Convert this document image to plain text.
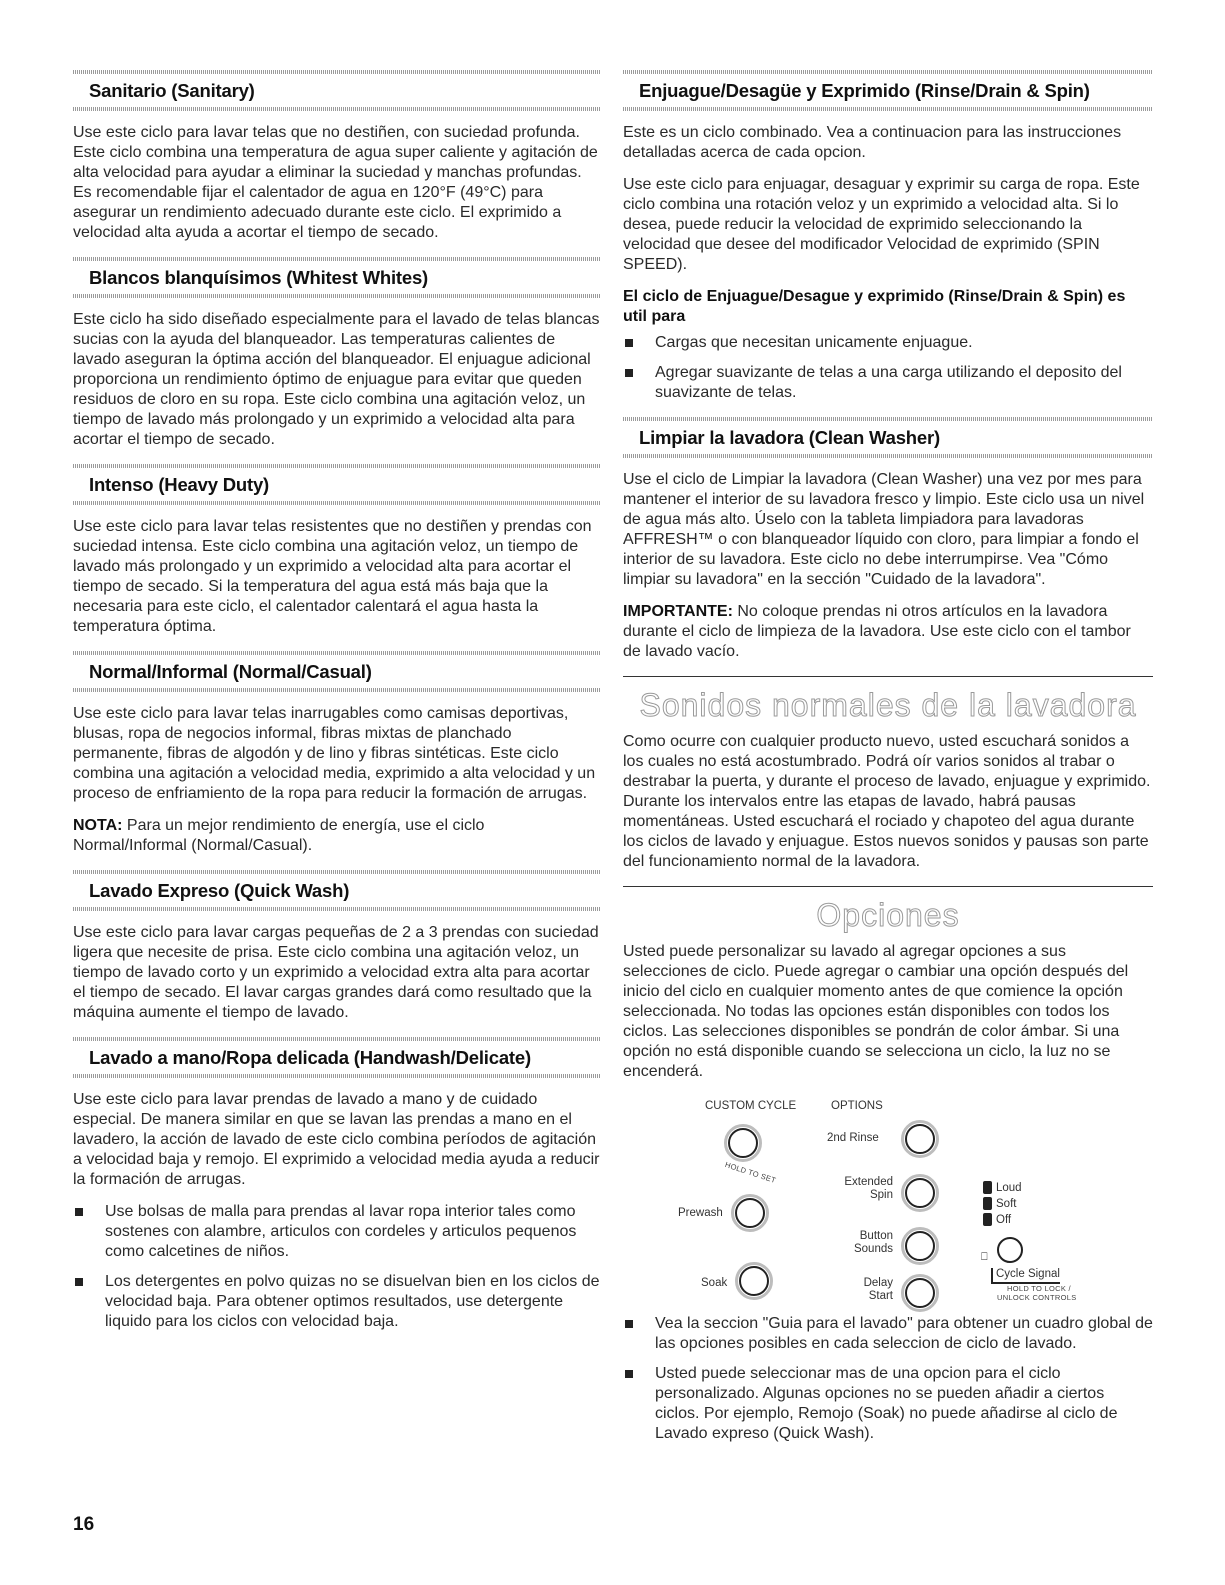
Sanitario (Sanitary)

Use este ciclo para lavar telas que no destiñen, con suciedad profunda. Este ciclo combina una temperatura de agua super caliente y agitación de alta velocidad para ayudar a eliminar la suciedad y manchas profundas. Es recomendable fijar el calentador de agua en 120°F (49°C) para asegurar un rendimiento adecuado durante este ciclo. El exprimido a velocidad alta ayuda a acortar el tiempo de secado.

Blancos blanquísimos (Whitest Whites)

Este ciclo ha sido diseñado especialmente para el lavado de telas blancas sucias con la ayuda del blanqueador. Las temperaturas calientes de lavado aseguran la óptima acción del blanqueador. El enjuague adicional proporciona un rendimiento óptimo de enjuague para evitar que queden residuos de cloro en su ropa. Este ciclo combina una agitación veloz, un tiempo de lavado más prolongado y un exprimido a velocidad alta para acortar el tiempo de secado.

Intenso (Heavy Duty)

Use este ciclo para lavar telas resistentes que no destiñen y prendas con suciedad intensa. Este ciclo combina una agitación veloz, un tiempo de lavado más prolongado y un exprimido a velocidad alta para acortar el tiempo de secado. Si la temperatura del agua está más baja que la necesaria para este ciclo, el calentador calentará el agua hasta la temperatura óptima.

Normal/Informal (Normal/Casual)

Use este ciclo para lavar telas inarrugables como camisas deportivas, blusas, ropa de negocios informal, fibras mixtas de planchado permanente, fibras de algodón y de lino y fibras sintéticas. Este ciclo combina una agitación a velocidad media, exprimido a alta velocidad y un proceso de enfriamiento de la ropa para reducir la formación de arrugas.

NOTA: Para un mejor rendimiento de energía, use el ciclo Normal/Informal (Normal/Casual).

Lavado Expreso (Quick Wash)

Use este ciclo para lavar cargas pequeñas de 2 a 3 prendas con suciedad ligera que necesite de prisa. Este ciclo combina una agitación veloz, un tiempo de lavado corto y un exprimido a velocidad extra alta para acortar el tiempo de secado. El lavar cargas grandes dará como resultado que la máquina aumente el tiempo de lavado.

Lavado a mano/Ropa delicada (Handwash/Delicate)

Use este ciclo para lavar prendas de lavado a mano y de cuidado especial. De manera similar en que se lavan las prendas a mano en el lavadero, la acción de lavado de este ciclo combina períodos de agitación a velocidad baja y remojo. El exprimido a velocidad media ayuda a reducir la formación de arrugas.

Use bolsas de malla para prendas al lavar ropa interior tales como sostenes con alambre, articulos con cordeles y articulos pequenos como calcetines de niños.
Los detergentes en polvo quizas no se disuelvan bien en los ciclos de velocidad baja. Para obtener optimos resultados, use detergente liquido para los ciclos con velocidad baja.
Enjuague/Desagüe y Exprimido (Rinse/Drain & Spin)

Este es un ciclo combinado. Vea a continuacion para las instrucciones detalladas acerca de cada opcion.

Use este ciclo para enjuagar, desaguar y exprimir su carga de ropa. Este ciclo combina una rotación veloz y un exprimido a velocidad alta. Si lo desea, puede reducir la velocidad de exprimido seleccionando la velocidad que desee del modificador Velocidad de exprimido (SPIN SPEED).

El ciclo de Enjuague/Desague y exprimido (Rinse/Drain & Spin) es util para
Cargas que necesitan unicamente enjuague.
Agregar suavizante de telas a una carga utilizando el deposito del suavizante de telas.
Limpiar la lavadora (Clean Washer)

Use el ciclo de Limpiar la lavadora (Clean Washer) una vez por mes para mantener el interior de su lavadora fresco y limpio. Este ciclo usa un nivel de agua más alto. Úselo con la tableta limpiadora para lavadoras AFFRESH™ o con blanqueador líquido con cloro, para limpiar a fondo el interior de su lavadora. Este ciclo no debe interrumpirse. Vea "Cómo limpiar su lavadora" en la sección "Cuidado de la lavadora".

IMPORTANTE: No coloque prendas ni otros artículos en la lavadora durante el ciclo de limpieza de la lavadora. Use este ciclo con el tambor de lavado vacío.

Sonidos normales de la lavadora

Como ocurre con cualquier producto nuevo, usted escuchará sonidos a los cuales no está acostumbrado. Podrá oír varios sonidos al trabar o destrabar la puerta, y durante el proceso de lavado, enjuague y exprimido. Durante los intervalos entre las etapas de lavado, habrá pausas momentáneas. Usted escuchará el rociado y chapoteo del agua durante los ciclos de lavado y enjuague. Estos nuevos sonidos y pausas son parte del funcionamiento normal de la lavadora.

Opciones

Usted puede personalizar su lavado al agregar opciones a sus selecciones de ciclo. Puede agregar o cambiar una opción después del inicio del ciclo en cualquier momento antes de que comience la opción seleccionada. No todas las opciones están disponibles con todos los ciclos. Las selecciones disponibles se pondrán de color ámbar. Si una opción no está disponible cuando se selecciona un ciclo, la luz no se encenderá.

CUSTOM CYCLE	OPTIONS
HOLD TO SET
Prewash
Soak
2nd Rinse
Extended
Spin
Button
Sounds
Delay
Start
Loud
Soft
Off
⎕
Cycle Signal
HOLD TO LOCK /
UNLOCK CONTROLS
Vea la seccion "Guia para el lavado" para obtener un cuadro global de las opciones posibles en cada seleccion de ciclo de lavado.
Usted puede seleccionar mas de una opcion para el ciclo personalizado. Algunas opciones no se pueden añadir a ciertos ciclos. Por ejemplo, Remojo (Soak) no puede añadirse al ciclo de Lavado expreso (Quick Wash).
16
